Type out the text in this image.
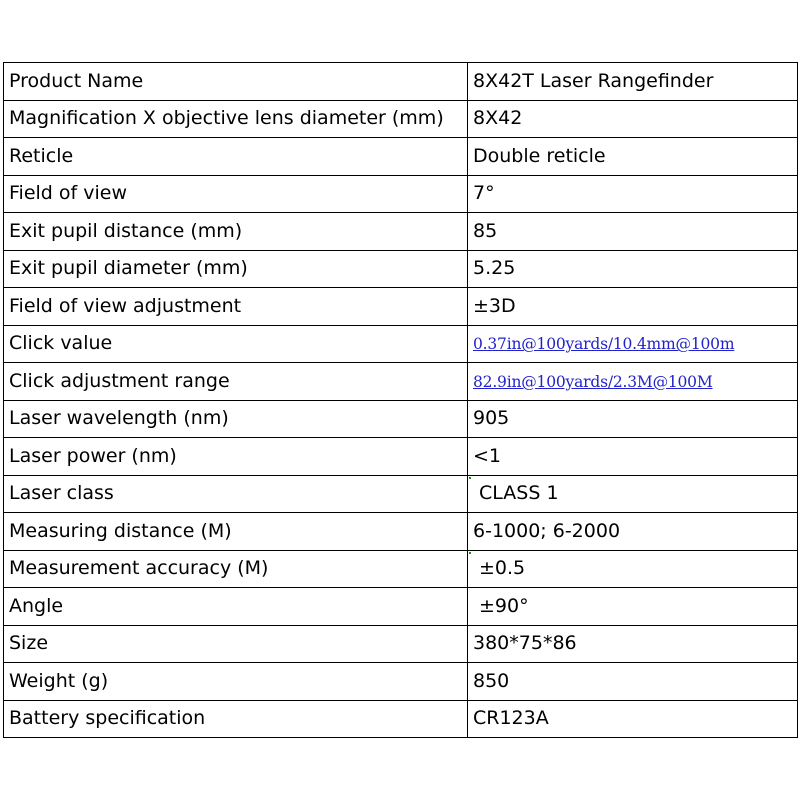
Product Name	8X42T Laser Rangefinder
Magnification X objective lens diameter (mm)	8X42
Reticle	Double reticle
Field of view	7°
Exit pupil distance (mm)	85
Exit pupil diameter (mm)	5.25
Field of view adjustment	±3D
Click value	0.37in@100yards/10.4mm@100m
Click adjustment range	82.9in@100yards/2.3M@100M
Laser wavelength (nm)	905
Laser power (nm)	<1
Laser class	CLASS 1
Measuring distance (M)	6-1000; 6-2000
Measurement accuracy (M)	±0.5
Angle	±90°
Size	380*75*86
Weight (g)	850
Battery specification	CR123A
